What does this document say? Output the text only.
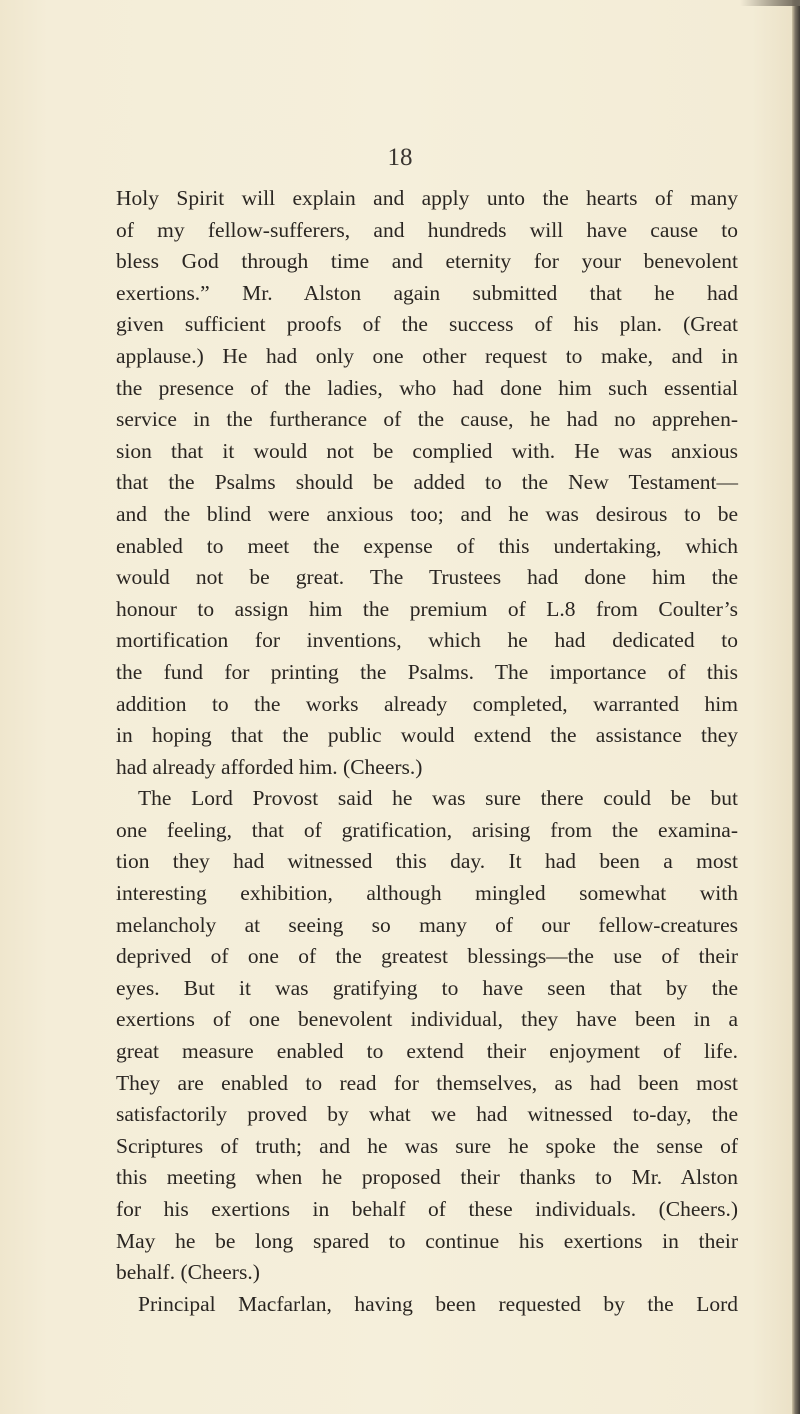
18
Holy Spirit will explain and apply unto the hearts of many
of my fellow-sufferers, and hundreds will have cause to
bless God through time and eternity for your benevolent
exertions.” Mr. Alston again submitted that he had
given sufficient proofs of the success of his plan. (Great
applause.) He had only one other request to make, and in
the presence of the ladies, who had done him such essential
service in the furtherance of the cause, he had no apprehen-
sion that it would not be complied with. He was anxious
that the Psalms should be added to the New Testament—
and the blind were anxious too; and he was desirous to be
enabled to meet the expense of this undertaking, which
would not be great. The Trustees had done him the
honour to assign him the premium of L.8 from Coulter’s
mortification for inventions, which he had dedicated to
the fund for printing the Psalms. The importance of this
addition to the works already completed, warranted him
in hoping that the public would extend the assistance they
had already afforded him. (Cheers.)
The Lord Provost said he was sure there could be but
one feeling, that of gratification, arising from the examina-
tion they had witnessed this day. It had been a most
interesting exhibition, although mingled somewhat with
melancholy at seeing so many of our fellow-creatures
deprived of one of the greatest blessings—the use of their
eyes. But it was gratifying to have seen that by the
exertions of one benevolent individual, they have been in a
great measure enabled to extend their enjoyment of life.
They are enabled to read for themselves, as had been most
satisfactorily proved by what we had witnessed to-day, the
Scriptures of truth; and he was sure he spoke the sense of
this meeting when he proposed their thanks to Mr. Alston
for his exertions in behalf of these individuals. (Cheers.)
May he be long spared to continue his exertions in their
behalf. (Cheers.)
Principal Macfarlan, having been requested by the Lord
